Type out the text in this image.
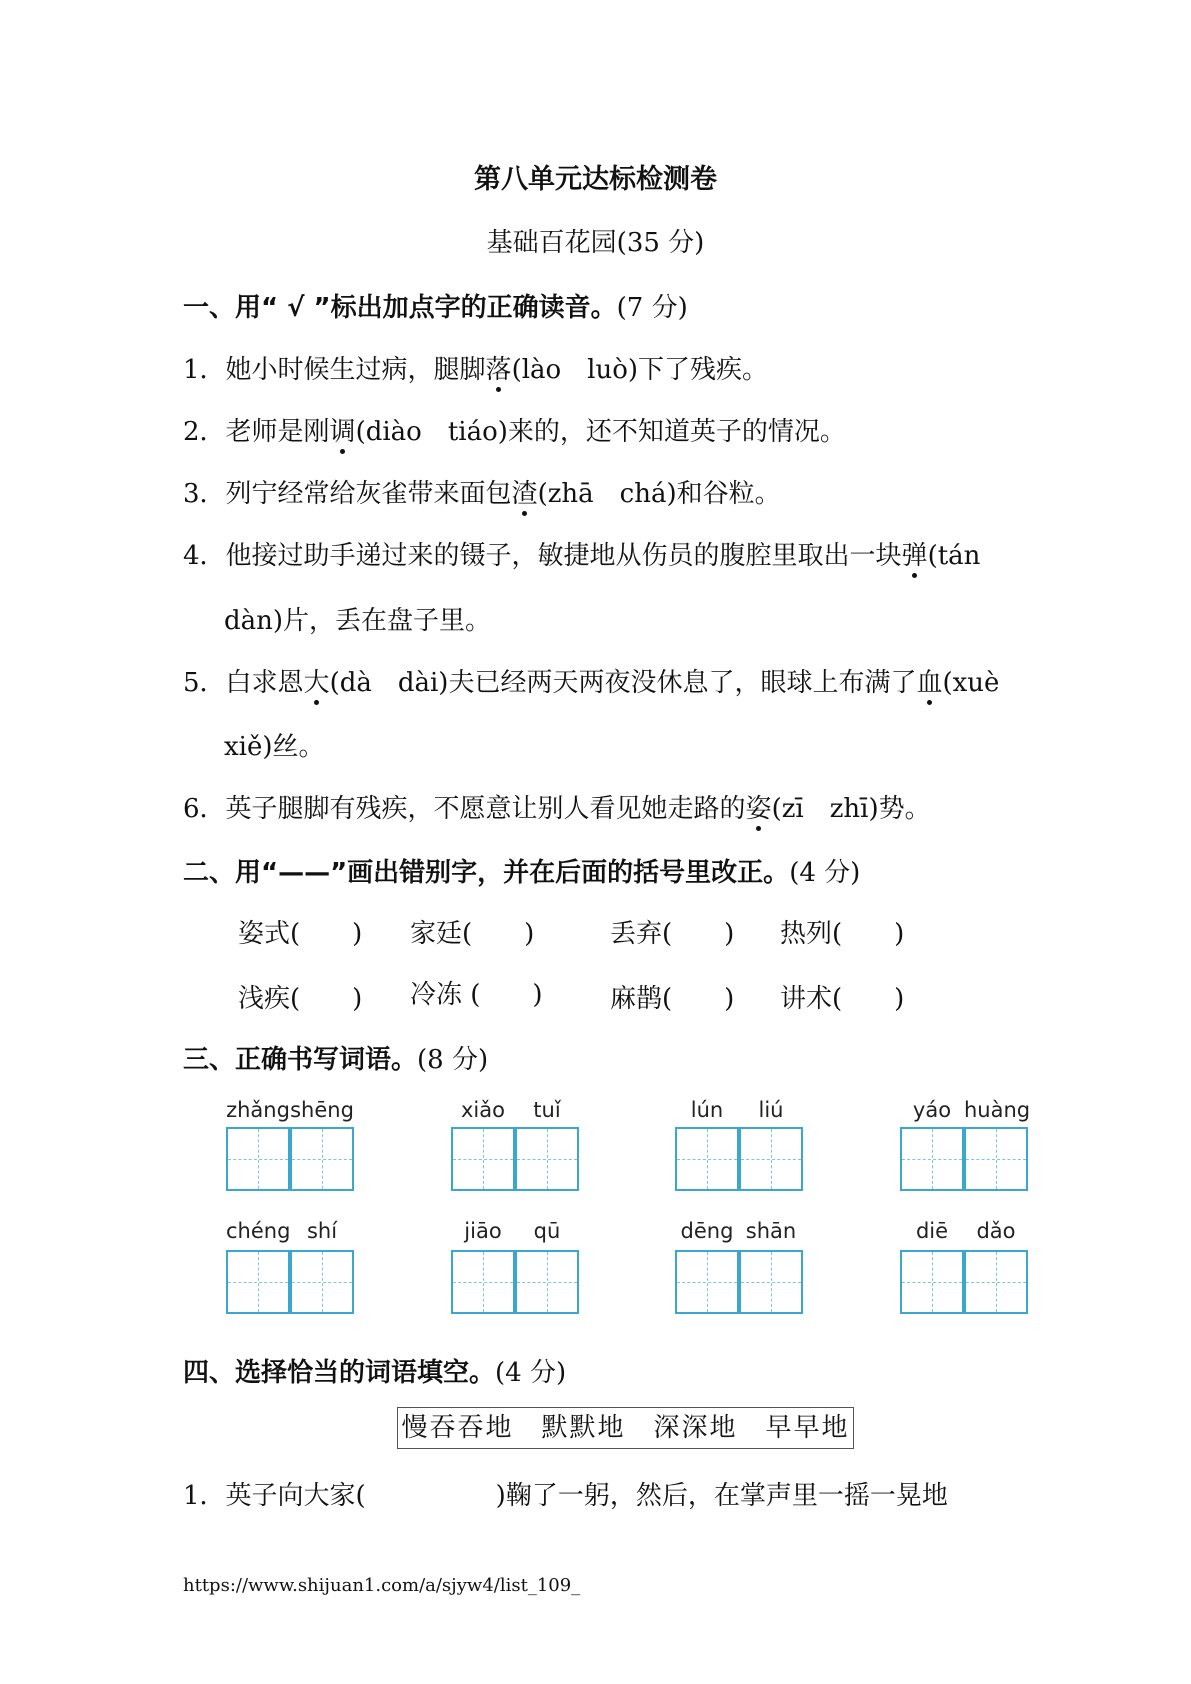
第八单元达标检测卷
基础百花园(35 分)
一、用“ √ ”标出加点字的正确读音。(7 分)
1．她小时候生过病，腿脚落(lào　luò)下了残疾。
2．老师是刚调(diào　tiáo)来的，还不知道英子的情况。
3．列宁经常给灰雀带来面包渣(zhā　chá)和谷粒。
4．他接过助手递过来的镊子，敏捷地从伤员的腹腔里取出一块弹(tán
dàn)片，丢在盘子里。
5．白求恩大(dà　dài)夫已经两天两夜没休息了，眼球上布满了血(xuè
xiě)丝。
6．英子腿脚有残疾，不愿意让别人看见她走路的姿(zī　zhī)势。
二、用“——”画出错别字，并在后面的括号里改正。(4 分)
姿式(　　) 家廷(　　)	丢弃(　　) 热列(　　)
浅疾(　　) 冷冻 (　　)	麻鹊(　　) 讲术(　　)
三、正确书写词语。(8 分)
zhǎng shēng	xiǎo	tuǐ	lún	liú	yáo huàng
chéng shí	jiāo	qū	dēng shān	diē	dǎo
四、选择恰当的词语填空。(4 分)
慢吞吞地　默默地　深深地　早早地
1．英子向大家(　　　　　)鞠了一躬，然后，在掌声里一摇一晃地
https://www.shijuan1.com/a/sjyw4/list_109_
